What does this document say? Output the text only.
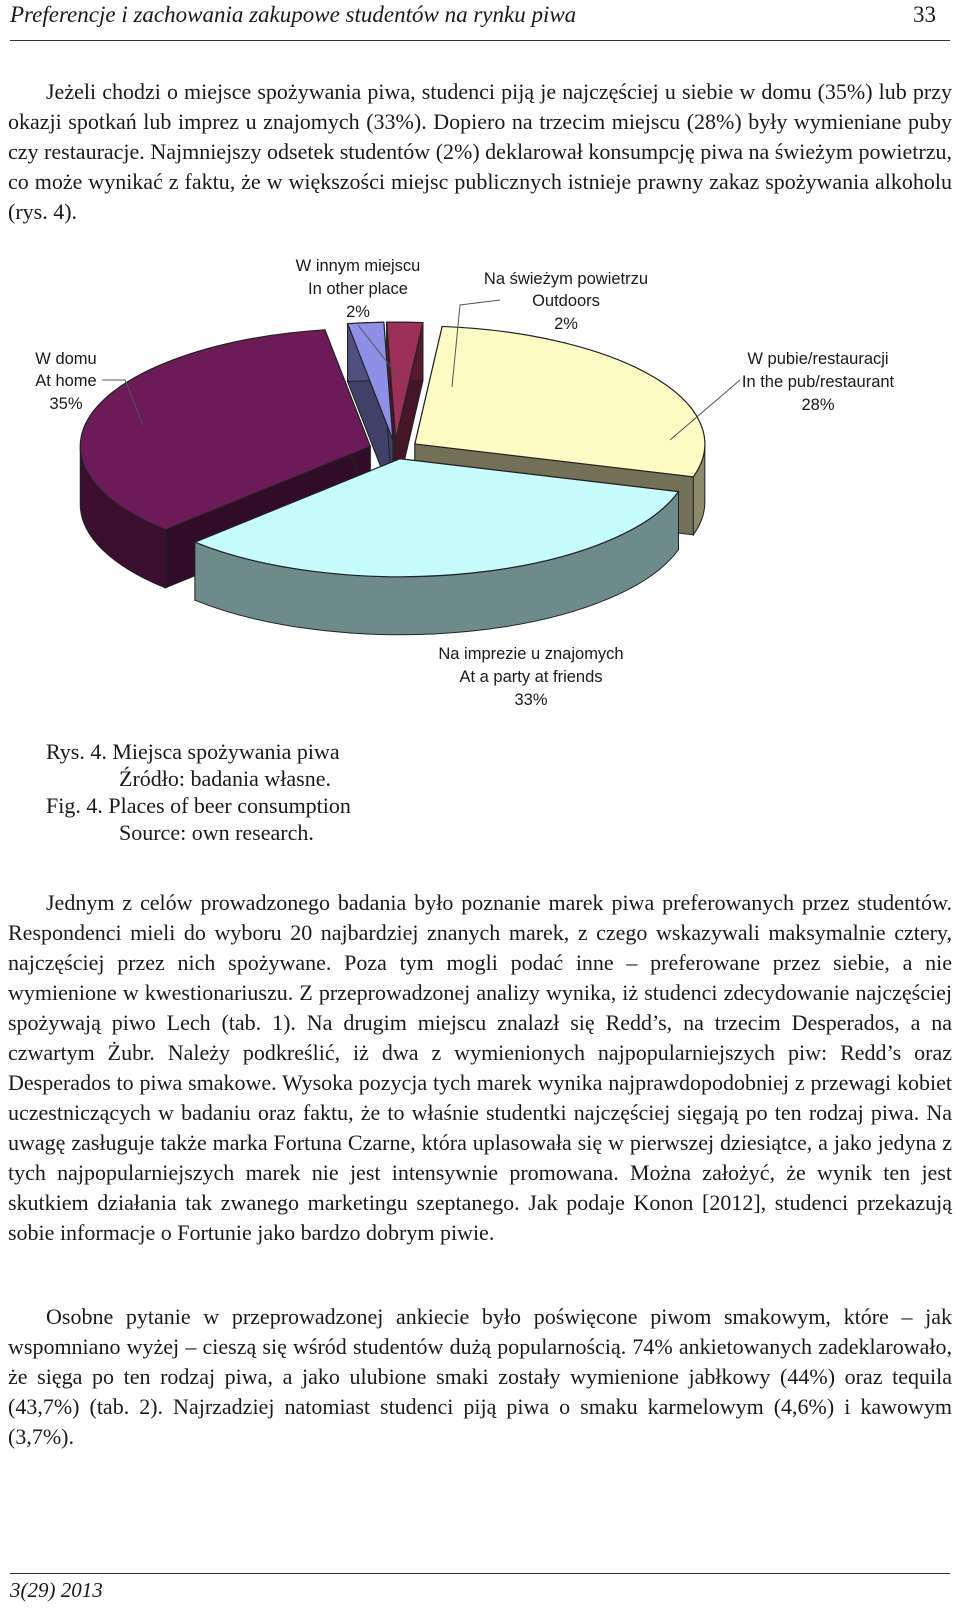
Preferencje i zachowania zakupowe studentów na rynku piwa	33

Jeżeli chodzi o miejsce spożywania piwa, studenci piją je najczęściej u siebie w domu (35%) lub przy okazji spotkań lub imprez u znajomych (33%). Dopiero na trzecim miejscu (28%) były wymieniane puby czy restauracje. Najmniejszy odsetek studentów (2%) deklarował konsumpcję piwa na świeżym powietrzu, co może wynikać z faktu, że w większości miejsc publicznych istnieje prawny zakaz spożywania alkoholu (rys. 4).

W innym miejscu
In other place
2%
Na świeżym powietrzu
Outdoors
2%
W pubie/restauracji
In the pub/restaurant
28%
Na imprezie u znajomych
At a party at friends
33%
W domu
At home
35%
Rys. 4. Miejsca spożywania piwa
Źródło: badania własne.
Fig. 4. Places of beer consumption
Source: own research.

Jednym z celów prowadzonego badania było poznanie marek piwa preferowanych przez studentów. Respondenci mieli do wyboru 20 najbardziej znanych marek, z czego wskazywali maksymalnie cztery, najczęściej przez nich spożywane. Poza tym mogli podać inne – preferowane przez siebie, a nie wymienione w kwestionariuszu. Z przeprowadzonej analizy wynika, iż studenci zdecydowanie najczęściej spożywają piwo Lech (tab. 1). Na drugim miejscu znalazł się Redd’s, na trzecim Desperados, a na czwartym Żubr. Należy podkreślić, iż dwa z wymienionych najpopularniejszych piw: Redd’s oraz Desperados to piwa smakowe. Wysoka pozycja tych marek wynika najprawdopodobniej z przewagi kobiet uczestniczących w badaniu oraz faktu, że to właśnie studentki najczęściej sięgają po ten rodzaj piwa. Na uwagę zasługuje także marka Fortuna Czarne, która uplasowała się w pierwszej dziesiątce, a jako jedyna z tych najpopularniejszych marek nie jest intensywnie promowana. Można założyć, że wynik ten jest skutkiem działania tak zwanego marketingu szeptanego. Jak podaje Konon [2012], studenci przekazują sobie informacje o Fortunie jako bardzo dobrym piwie.

Osobne pytanie w przeprowadzonej ankiecie było poświęcone piwom smakowym, które – jak wspomniano wyżej – cieszą się wśród studentów dużą popularnością. 74% ankietowanych zadeklarowało, że sięga po ten rodzaj piwa, a jako ulubione smaki zostały wymienione jabłkowy (44%) oraz tequila (43,7%) (tab. 2). Najrzadziej natomiast studenci piją piwa o smaku karmelowym (4,6%) i kawowym (3,7%).

3(29) 2013
